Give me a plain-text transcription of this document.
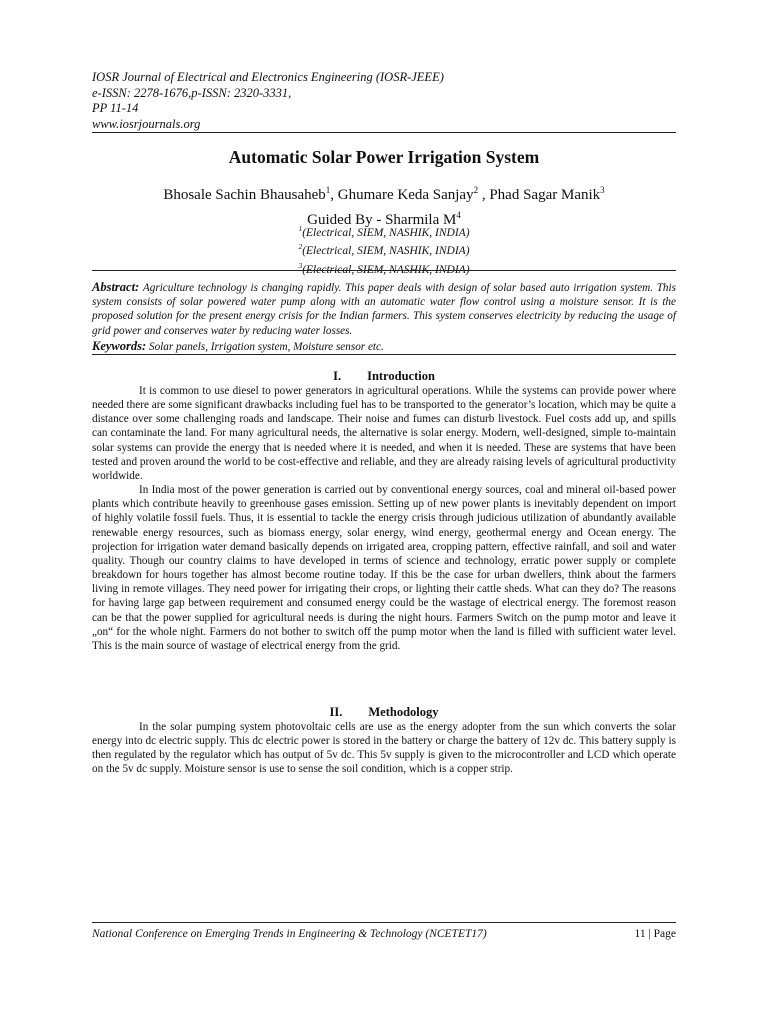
IOSR Journal of Electrical and Electronics Engineering (IOSR-JEEE)
e-ISSN: 2278-1676,p-ISSN: 2320-3331,
PP 11-14
www.iosrjournals.org
Automatic Solar Power Irrigation System
Bhosale Sachin Bhausaheb$^1$, Ghumare Keda Sanjay$^2$ , Phad Sagar Manik$^3$
Guided By - Sharmila $M^4$
$^1$(Electrical, SIEM, NASHIK, INDIA)
$^2$(Electrical, SIEM, NASHIK, INDIA)
$^3$(Electrical, SIEM, NASHIK, INDIA)
Abstract: Agriculture technology is changing rapidly. This paper deals with design of solar based auto irrigation system. This system consists of solar powered water pump along with an automatic water flow control using a moisture sensor. It is the proposed solution for the present energy crisis for the Indian farmers. This system conserves electricity by reducing the usage of grid power and conserves water by reducing water losses.
Keywords: Solar panels, Irrigation system, Moisture sensor etc.
I. Introduction

It is common to use diesel to power generators in agricultural operations. While the systems can provide power where needed there are some significant drawbacks including fuel has to be transported to the generator’s location, which may be quite a distance over some challenging roads and landscape. Their noise and fumes can disturb livestock. Fuel costs add up, and spills can contaminate the land. For many agricultural needs, the alternative is solar energy. Modern, well-designed, simple to-maintain solar systems can provide the energy that is needed where it is needed, and when it is needed. These are systems that have been tested and proven around the world to be cost-effective and reliable, and they are already raising levels of agricultural productivity worldwide.

In India most of the power generation is carried out by conventional energy sources, coal and mineral oil-based power plants which contribute heavily to greenhouse gases emission. Setting up of new power plants is inevitably dependent on import of highly volatile fossil fuels. Thus, it is essential to tackle the energy crisis through judicious utilization of abundantly available renewable energy resources, such as biomass energy, solar energy, wind energy, geothermal energy and Ocean energy. The projection for irrigation water demand basically depends on irrigated area, cropping pattern, effective rainfall, and soil and water quality. Though our country claims to have developed in terms of science and technology, erratic power supply or complete breakdown for hours together has almost become routine today. If this be the case for urban dwellers, think about the farmers living in remote villages. They need power for irrigating their crops, or lighting their cattle sheds. What can they do? The reasons for having large gap between requirement and consumed energy could be the wastage of electrical energy. The foremost reason can be that the power supplied for agricultural needs is during the night hours. Farmers Switch on the pump motor and leave it „on“ for the whole night. Farmers do not bother to switch off the pump motor when the land is filled with sufficient water level. This is the main source of wastage of electrical energy from the grid.

II. Methodology

In the solar pumping system photovoltaic cells are use as the energy adopter from the sun which converts the solar energy into dc electric supply. This dc electric power is stored in the battery or charge the battery of 12v dc. This battery supply is then regulated by the regulator which has output of 5v dc. This 5v supply is given to the microcontroller and LCD which operate on the 5v dc supply. Moisture sensor is use to sense the soil condition, which is a copper strip.

National Conference on Emerging Trends in Engineering & Technology (NCETET17)	11 | Page
